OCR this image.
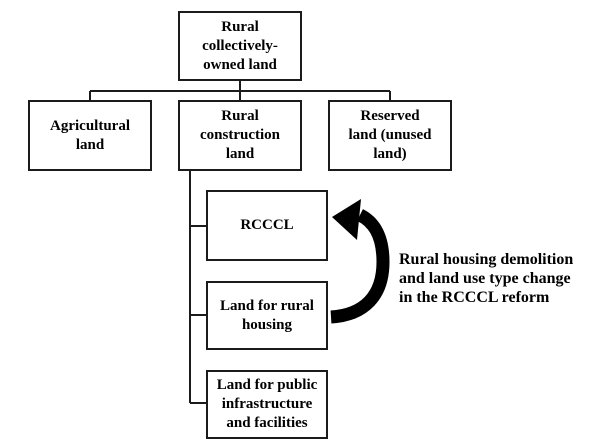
Rural
collectively-
owned land
Agricultural
land
Rural
construction
land
Reserved
land (unused
land)
RCCCL
Land for rural
housing
Land for public
infrastructure
and facilities
Rural housing demolition
and land use type change
in the RCCCL reform
